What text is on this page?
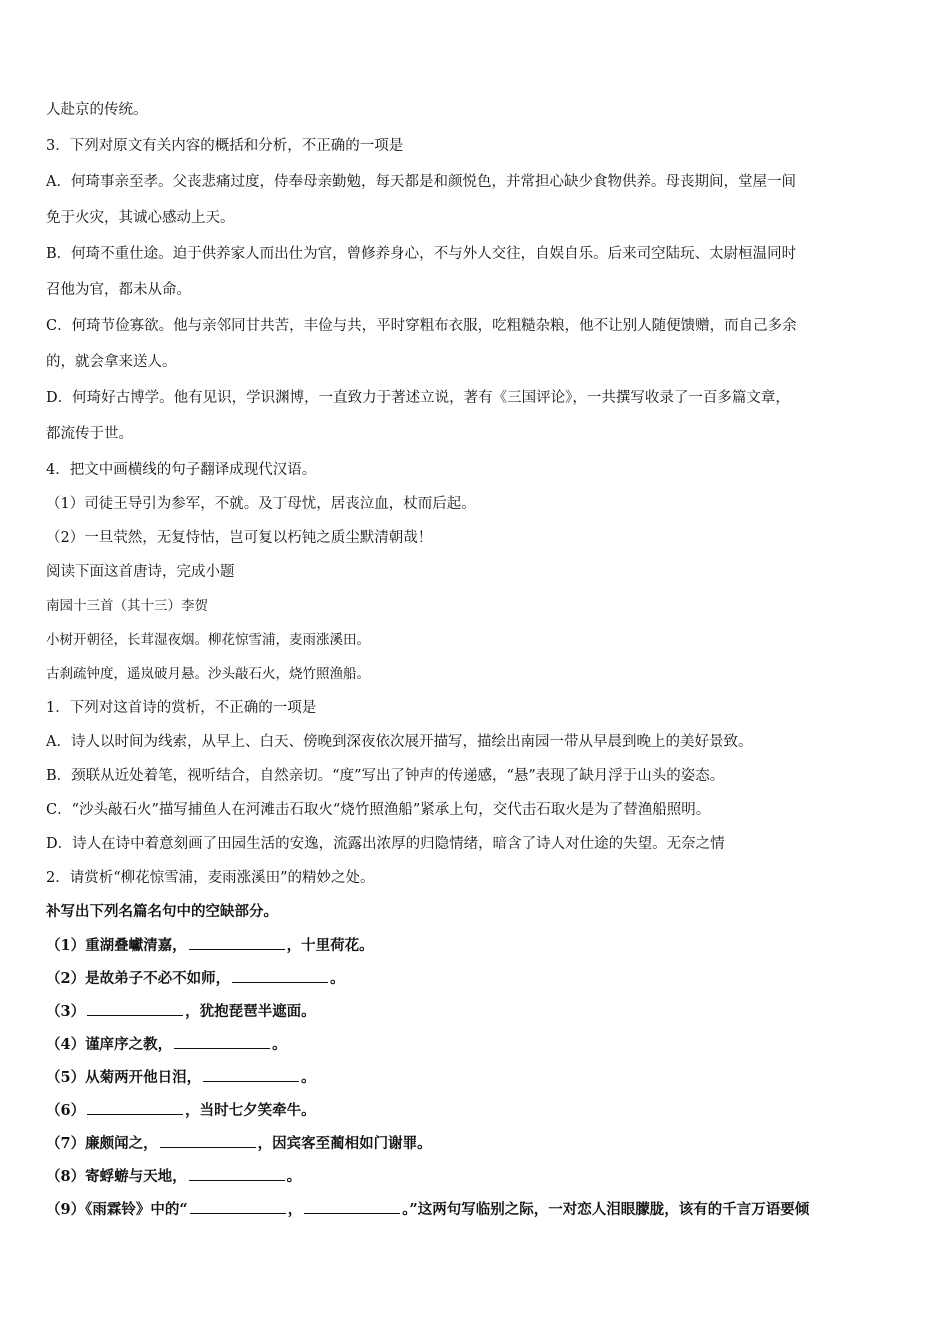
人赴京的传统。
3．下列对原文有关内容的概括和分析，不正确的一项是
A．何琦事亲至孝。父丧悲痛过度，侍奉母亲勤勉，每天都是和颜悦色，并常担心缺少食物供养。母丧期间，堂屋一间
免于火灾，其诚心感动上天。
B．何琦不重仕途。迫于供养家人而出仕为官，曾修养身心，不与外人交往，自娱自乐。后来司空陆玩、太尉桓温同时
召他为官，都未从命。
C．何琦节俭寡欲。他与亲邻同甘共苦，丰俭与共，平时穿粗布衣服，吃粗糙杂粮，他不让别人随便馈赠，而自己多余
的，就会拿来送人。
D．何琦好古博学。他有见识，学识渊博，一直致力于著述立说，著有《三国评论》，一共撰写收录了一百多篇文章，
都流传于世。
4．把文中画横线的句子翻译成现代汉语。
（1）司徒王导引为参军，不就。及丁母忧，居丧泣血，杖而后起。
（2）一旦茕然，无复恃怙，岂可复以朽钝之质尘默清朝哉！
阅读下面这首唐诗，完成小题
南园十三首（其十三）李贺
小树开朝径，长茸湿夜烟。柳花惊雪浦，麦雨涨溪田。
古刹疏钟度，遥岚破月悬。沙头敲石火，烧竹照渔船。
1．下列对这首诗的赏析，不正确的一项是
A．诗人以时间为线索，从早上、白天、傍晚到深夜依次展开描写，描绘出南园一带从早晨到晚上的美好景致。
B．颈联从近处着笔，视听结合，自然亲切。“度”写出了钟声的传递感，“悬”表现了缺月浮于山头的姿态。
C．“沙头敲石火”描写捕鱼人在河滩击石取火“烧竹照渔船”紧承上句，交代击石取火是为了替渔船照明。
D．诗人在诗中着意刻画了田园生活的安逸，流露出浓厚的归隐情绪，暗含了诗人对仕途的失望。无奈之情
2．请赏析“柳花惊雪浦，麦雨涨溪田”的精妙之处。
补写出下列名篇名句中的空缺部分。
（1）重湖叠巘清嘉，	，十里荷花。
（2）是故弟子不必不如师，	。
（3）	，犹抱琵琶半遮面。
（4）谨庠序之教，	。
（5）从菊两开他日泪，	。
（6）	，当时七夕笑牵牛。
（7）廉颇闻之，	，因宾客至蔺相如门谢罪。
（8）寄蜉蝣与天地，	。
（9）《雨霖铃》中的“	，	。”这两句写临别之际，一对恋人泪眼朦胧，该有的千言万语要倾
